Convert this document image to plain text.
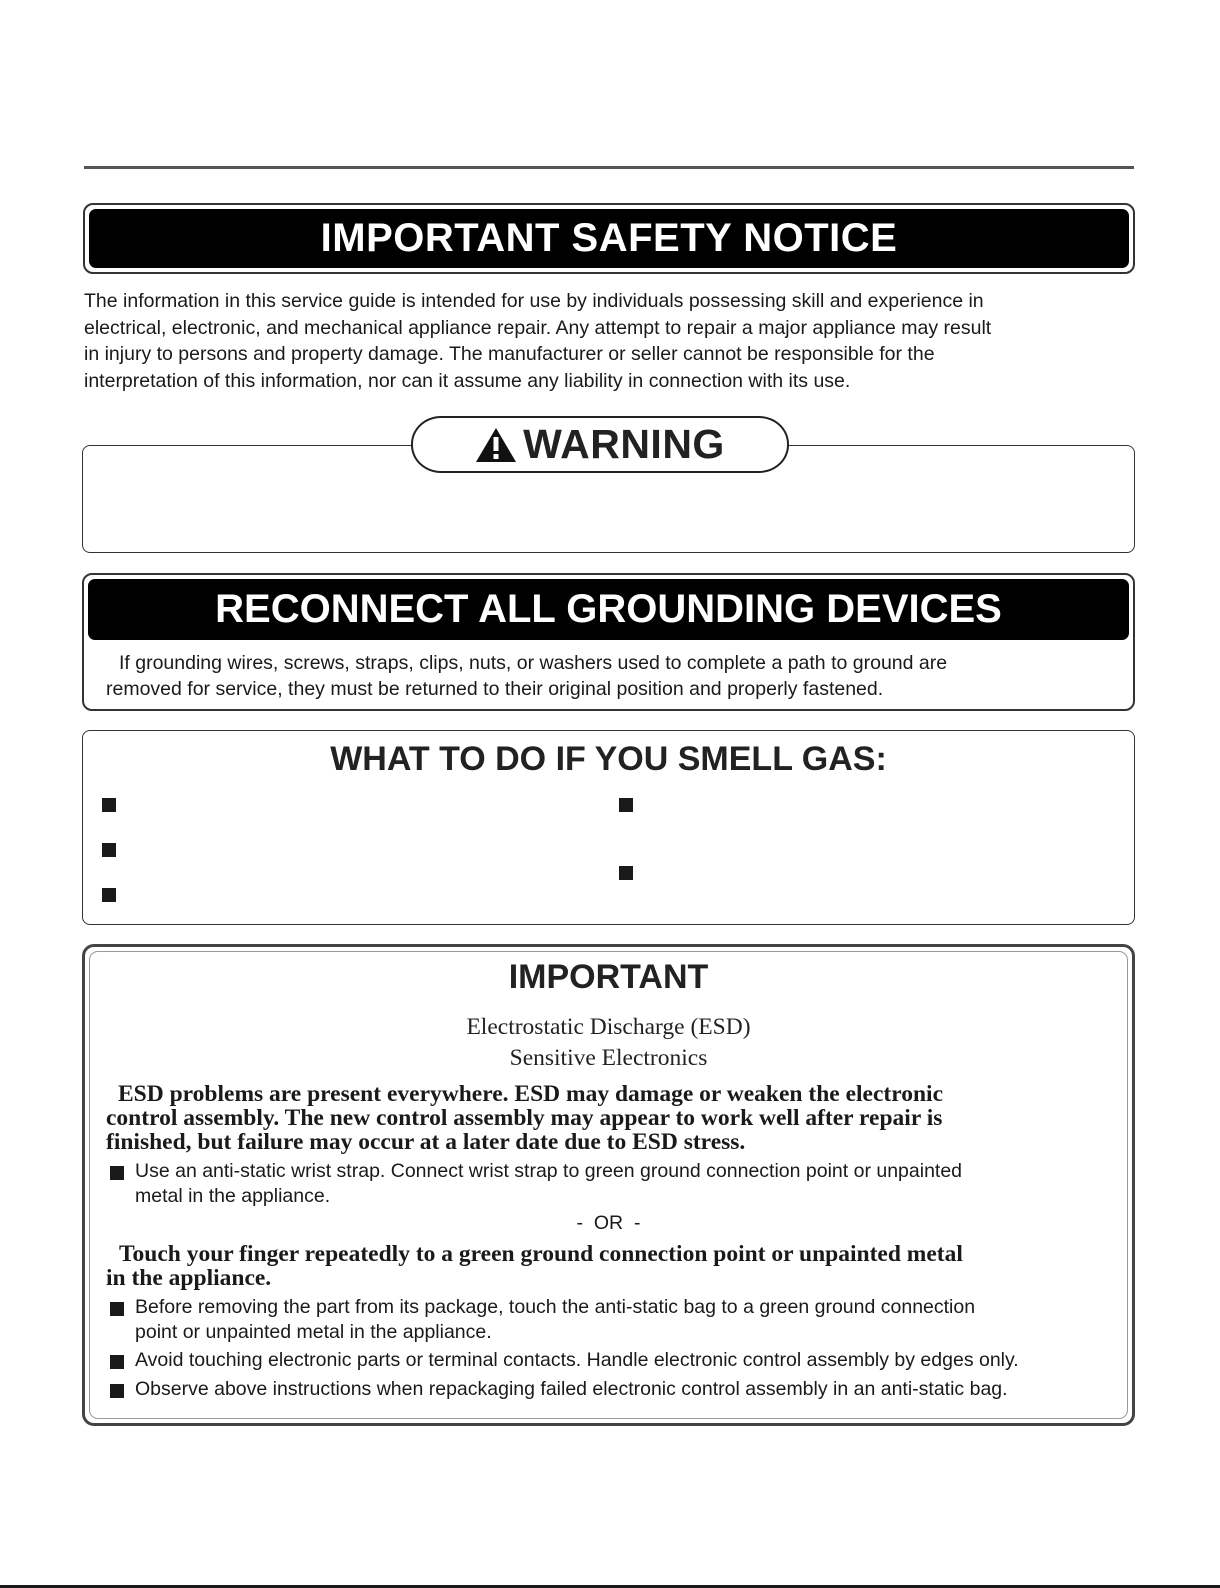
IMPORTANT SAFETY NOTICE
The information in this service guide is intended for use by individuals possessing skill and experience in
electrical, electronic, and mechanical appliance repair. Any attempt to repair a major appliance may result
in injury to persons and property damage. The manufacturer or seller cannot be responsible for the
interpretation of this information, nor can it assume any liability in connection with its use.
WARNING
RECONNECT ALL GROUNDING DEVICES
If grounding wires, screws, straps, clips, nuts, or washers used to complete a path to ground are
removed for service, they must be returned to their original position and properly fastened.
WHAT TO DO IF YOU SMELL GAS:
IMPORTANT
Electrostatic Discharge (ESD)
Sensitive Electronics
ESD problems are present everywhere. ESD may damage or weaken the electronic
control assembly. The new control assembly may appear to work well after repair is
finished, but failure may occur at a later date due to ESD stress.
Use an anti-static wrist strap. Connect wrist strap to green ground connection point or unpainted
metal in the appliance.
-  OR  -
Touch your finger repeatedly to a green ground connection point or unpainted metal
in the appliance.
Before removing the part from its package, touch the anti-static bag to a green ground connection
point or unpainted metal in the appliance.
Avoid touching electronic parts or terminal contacts. Handle electronic control assembly by edges only.
Observe above instructions when repackaging failed electronic control assembly in an anti-static bag.
